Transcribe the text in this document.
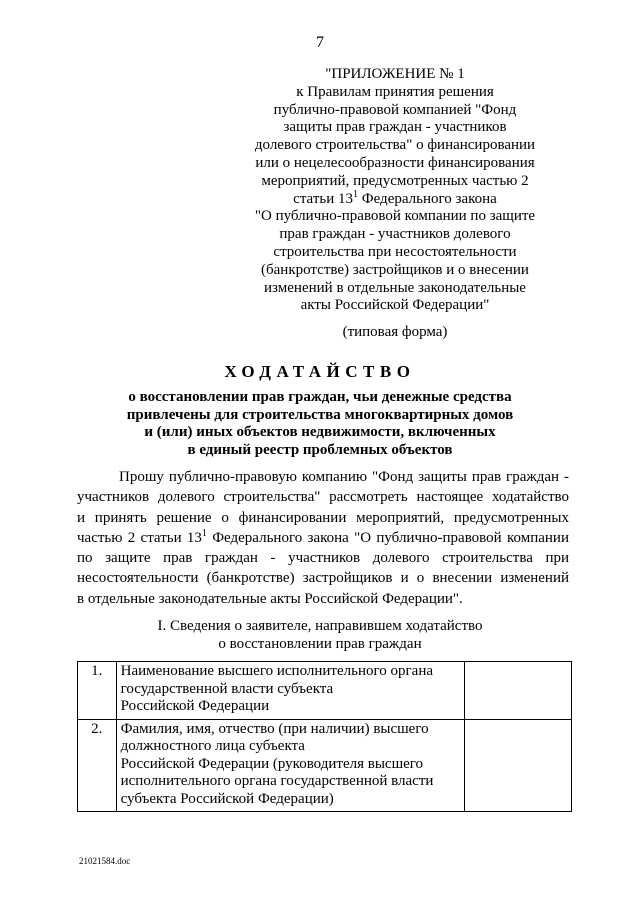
7
"ПРИЛОЖЕНИЕ № 1
к Правилам принятия решения
публично-правовой компанией "Фонд
защиты прав граждан - участников
долевого строительства" о финансировании
или о нецелесообразности финансирования
мероприятий, предусмотренных частью 2
статьи $13^1$ Федерального закона
"О публично-правовой компании по защите
прав граждан - участников долевого
строительства при несостоятельности
(банкротстве) застройщиков и о внесении
изменений в отдельные законодательные
акты Российской Федерации"
(типовая форма)
ХОДАТАЙСТВО
о восстановлении прав граждан, чьи денежные средства
привлечены для строительства многоквартирных домов
и (или) иных объектов недвижимости, включенных
в единый реестр проблемных объектов
Прошу публично-правовую компанию "Фонд защиты прав граждан -
участников долевого строительства" рассмотреть настоящее ходатайство
и принять решение о финансировании мероприятий, предусмотренных
частью 2 статьи $13^1$ Федерального закона "О публично-правовой компании
по защите прав граждан - участников долевого строительства при
несостоятельности (банкротстве) застройщиков и о внесении изменений
в отдельные законодательные акты Российской Федерации".
I. Сведения о заявителе, направившем ходатайство
о восстановлении прав граждан
1.	Наименование высшего исполнительного органа
государственной власти субъекта
Российской Федерации	

2.	Фамилия, имя, отчество (при наличии) высшего
должностного лица субъекта
Российской Федерации (руководителя высшего
исполнительного органа государственной власти
субъекта Российской Федерации)	

21021584.doc
